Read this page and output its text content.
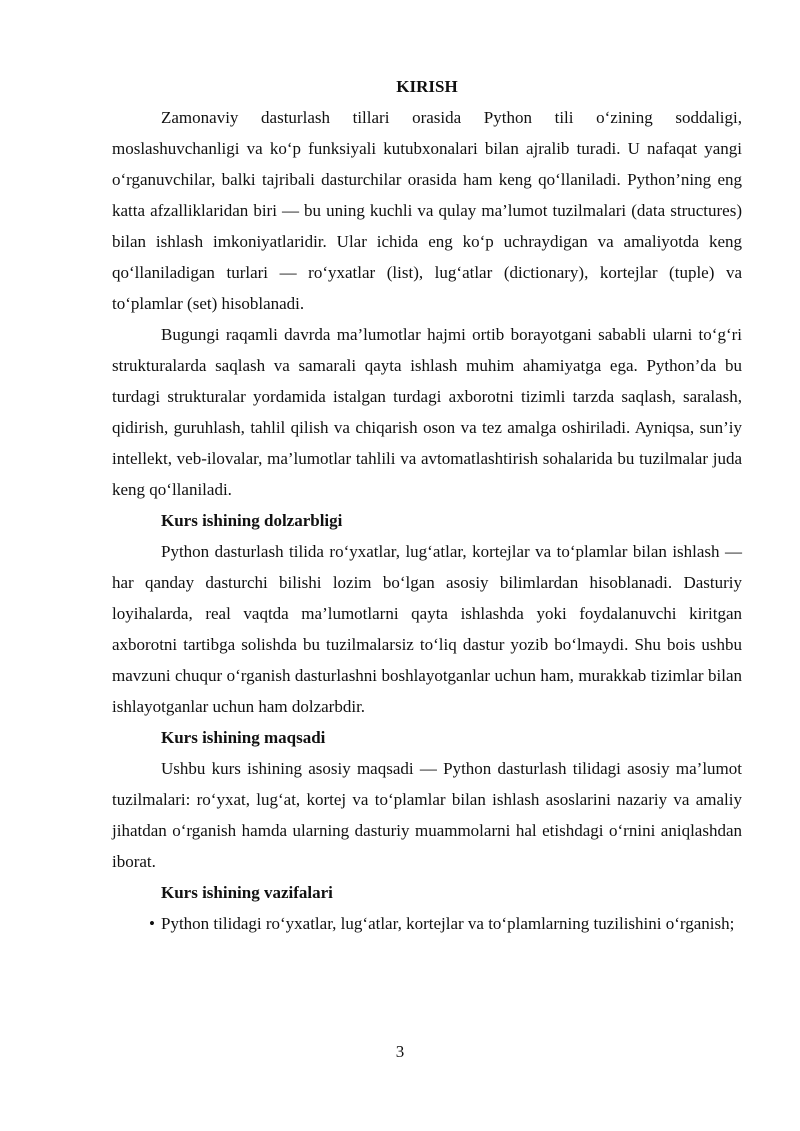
KIRISH

Zamonaviy dasturlash tillari orasida Python tili o‘zining soddaligi, moslashuvchanligi va ko‘p funksiyali kutubxonalari bilan ajralib turadi. U nafaqat yangi o‘rganuvchilar, balki tajribali dasturchilar orasida ham keng qo‘llaniladi. Python’ning eng katta afzalliklaridan biri — bu uning kuchli va qulay ma’lumot tuzilmalari (data structures) bilan ishlash imkoniyatlaridir. Ular ichida eng ko‘p uchraydigan va amaliyotda keng qo‘llaniladigan turlari — ro‘yxatlar (list), lug‘atlar (dictionary), kortejlar (tuple) va to‘plamlar (set) hisoblanadi.

Bugungi raqamli davrda ma’lumotlar hajmi ortib borayotgani sababli ularni to‘g‘ri strukturalarda saqlash va samarali qayta ishlash muhim ahamiyatga ega. Python’da bu turdagi strukturalar yordamida istalgan turdagi axborotni tizimli tarzda saqlash, saralash, qidirish, guruhlash, tahlil qilish va chiqarish oson va tez amalga oshiriladi. Ayniqsa, sun’iy intellekt, veb-ilovalar, ma’lumotlar tahlili va avtomatlashtirish sohalarida bu tuzilmalar juda keng qo‘llaniladi.

Kurs ishining dolzarbligi

Python dasturlash tilida ro‘yxatlar, lug‘atlar, kortejlar va to‘plamlar bilan ishlash — har qanday dasturchi bilishi lozim bo‘lgan asosiy bilimlardan hisoblanadi. Dasturiy loyihalarda, real vaqtda ma’lumotlarni qayta ishlashda yoki foydalanuvchi kiritgan axborotni tartibga solishda bu tuzilmalarsiz to‘liq dastur yozib bo‘lmaydi. Shu bois ushbu mavzuni chuqur o‘rganish dasturlashni boshlayotganlar uchun ham, murakkab tizimlar bilan ishlayotganlar uchun ham dolzarbdir.

Kurs ishining maqsadi

Ushbu kurs ishining asosiy maqsadi — Python dasturlash tilidagi asosiy ma’lumot tuzilmalari: ro‘yxat, lug‘at, kortej va to‘plamlar bilan ishlash asoslarini nazariy va amaliy jihatdan o‘rganish hamda ularning dasturiy muammolarni hal etishdagi o‘rnini aniqlashdan iborat.

Kurs ishining vazifalari

• Python tilidagi ro‘yxatlar, lug‘atlar, kortejlar va to‘plamlarning tuzilishini o‘rganish;

3
